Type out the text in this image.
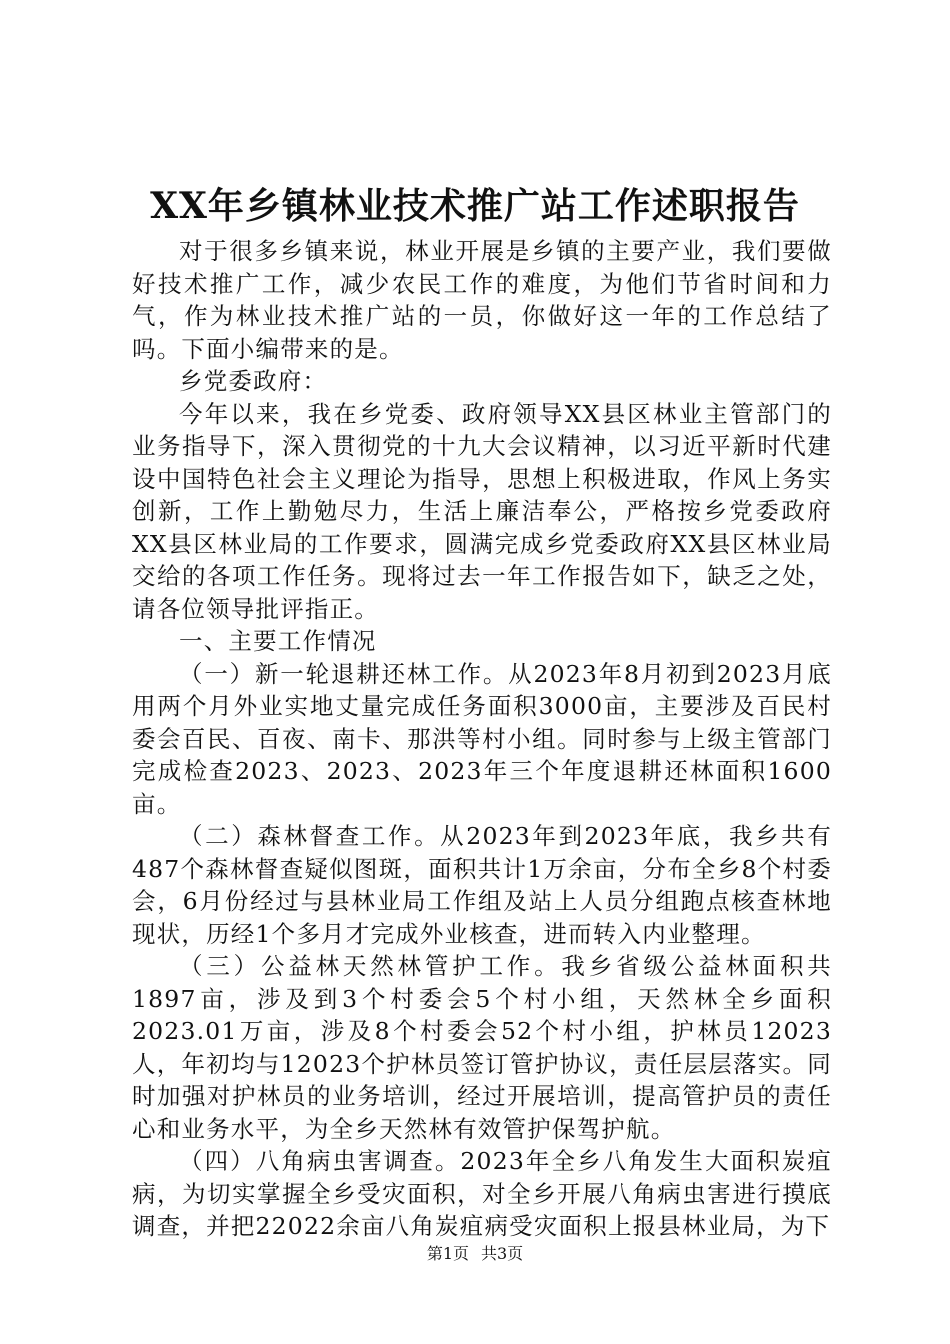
XX年乡镇林业技术推广站工作述职报告

对于很多乡镇来说，林业开展是乡镇的主要产业，我们要做好技术推广工作，减少农民工作的难度，为他们节省时间和力气，作为林业技术推广站的一员，你做好这一年的工作总结了吗。下面小编带来的是。

乡党委政府：

今年以来，我在乡党委、政府领导XX县区林业主管部门的业务指导下，深入贯彻党的十九大会议精神，以习近平新时代建设中国特色社会主义理论为指导，思想上积极进取，作风上务实创新，工作上勤勉尽力，生活上廉洁奉公，严格按乡党委政府XX县区林业局的工作要求，圆满完成乡党委政府XX县区林业局交给的各项工作任务。现将过去一年工作报告如下，缺乏之处，请各位领导批评指正。

一、主要工作情况

（一）新一轮退耕还林工作。从2023年8月初到2023月底用两个月外业实地丈量完成任务面积3000亩，主要涉及百民村委会百民、百夜、南卡、那洪等村小组。同时参与上级主管部门完成检查2023、2023、2023年三个年度退耕还林面积1600亩。

（二）森林督查工作。从2023年到2023年底，我乡共有487个森林督查疑似图斑，面积共计1万余亩，分布全乡8个村委会，6月份经过与县林业局工作组及站上人员分组跑点核查林地现状，历经1个多月才完成外业核查，进而转入内业整理。

（三）公益林天然林管护工作。我乡省级公益林面积共1897亩，涉及到3个村委会5个村小组，天然林全乡面积2023.01万亩，涉及8个村委会52个村小组，护林员12023人，年初均与12023个护林员签订管护协议，责任层层落实。同时加强对护林员的业务培训，经过开展培训，提高管护员的责任心和业务水平，为全乡天然林有效管护保驾护航。

（四）八角病虫害调查。2023年全乡八角发生大面积炭疽病，为切实掌握全乡受灾面积，对全乡开展八角病虫害进行摸底调查，并把22022余亩八角炭疽病受灾面积上报县林业局，为下

第1页 共3页
